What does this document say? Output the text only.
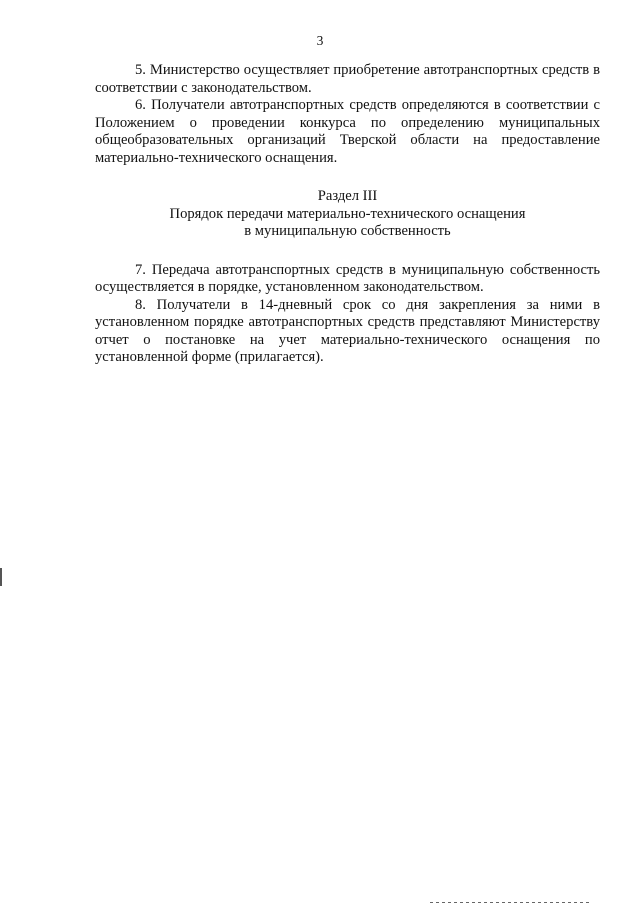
3

5. Министерство осуществляет приобретение автотранспортных средств в соответствии с законодательством.

6. Получатели автотранспортных средств определяются в соответствии с Положением о проведении конкурса по определению муниципальных общеобразовательных организаций Тверской области на предоставление материально-технического оснащения.

Раздел III
Порядок передачи материально-технического оснащения
в муниципальную собственность

7. Передача автотранспортных средств в муниципальную собственность осуществляется в порядке, установленном законодательством.

8. Получатели в 14-дневный срок со дня закрепления за ними в установленном порядке автотранспортных средств представляют Министерству отчет о постановке на учет материально-технического оснащения по установленной форме (прилагается).
